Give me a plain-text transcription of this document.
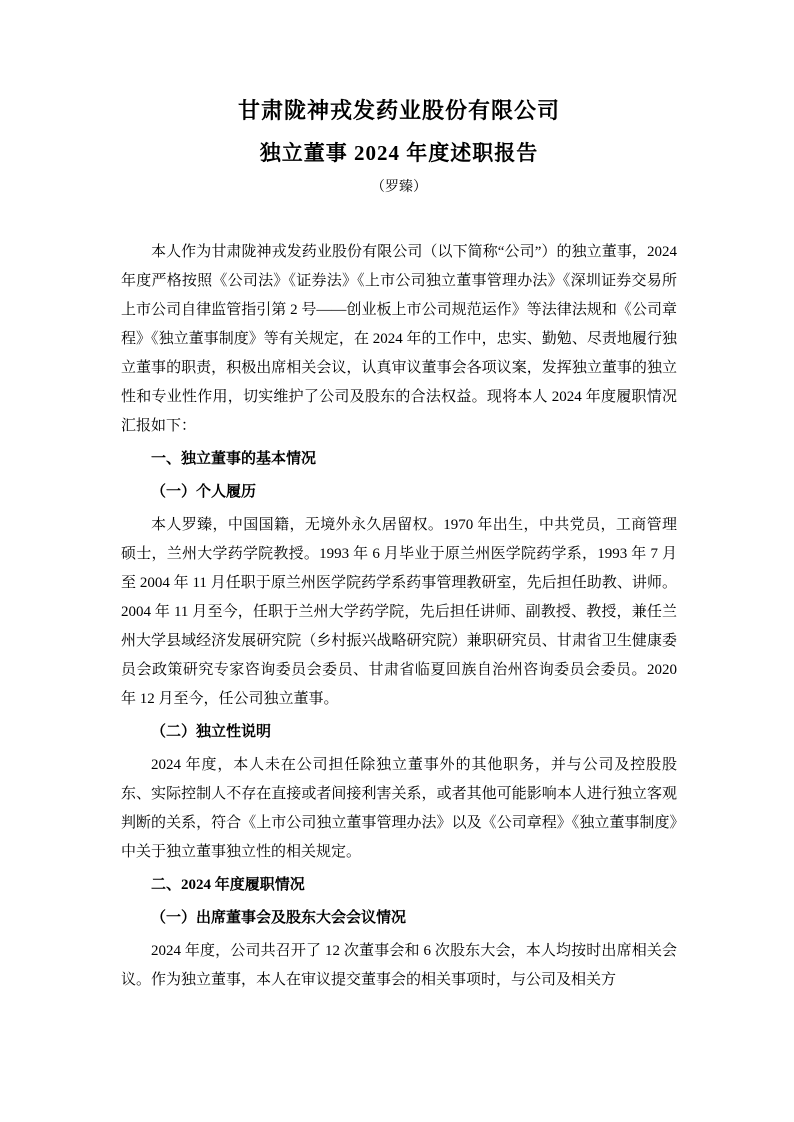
甘肃陇神戎发药业股份有限公司
独立董事 2024 年度述职报告
（罗臻）

本人作为甘肃陇神戎发药业股份有限公司（以下简称“公司”）的独立董事，2024 年度严格按照《公司法》《证券法》《上市公司独立董事管理办法》《深圳证券交易所上市公司自律监管指引第 2 号——创业板上市公司规范运作》等法律法规和《公司章程》《独立董事制度》等有关规定，在 2024 年的工作中，忠实、勤勉、尽责地履行独立董事的职责，积极出席相关会议，认真审议董事会各项议案，发挥独立董事的独立性和专业性作用，切实维护了公司及股东的合法权益。现将本人 2024 年度履职情况汇报如下：

一、独立董事的基本情况

（一）个人履历

本人罗臻，中国国籍，无境外永久居留权。1970 年出生，中共党员，工商管理硕士，兰州大学药学院教授。1993 年 6 月毕业于原兰州医学院药学系，1993 年 7 月至 2004 年 11 月任职于原兰州医学院药学系药事管理教研室，先后担任助教、讲师。2004 年 11 月至今，任职于兰州大学药学院，先后担任讲师、副教授、教授，兼任兰州大学县域经济发展研究院（乡村振兴战略研究院）兼职研究员、甘肃省卫生健康委员会政策研究专家咨询委员会委员、甘肃省临夏回族自治州咨询委员会委员。2020 年 12 月至今，任公司独立董事。

（二）独立性说明

2024 年度，本人未在公司担任除独立董事外的其他职务，并与公司及控股股东、实际控制人不存在直接或者间接利害关系，或者其他可能影响本人进行独立客观判断的关系，符合《上市公司独立董事管理办法》以及《公司章程》《独立董事制度》中关于独立董事独立性的相关规定。

二、2024 年度履职情况

（一）出席董事会及股东大会会议情况

2024 年度，公司共召开了 12 次董事会和 6 次股东大会，本人均按时出席相关会议。作为独立董事，本人在审议提交董事会的相关事项时，与公司及相关方
